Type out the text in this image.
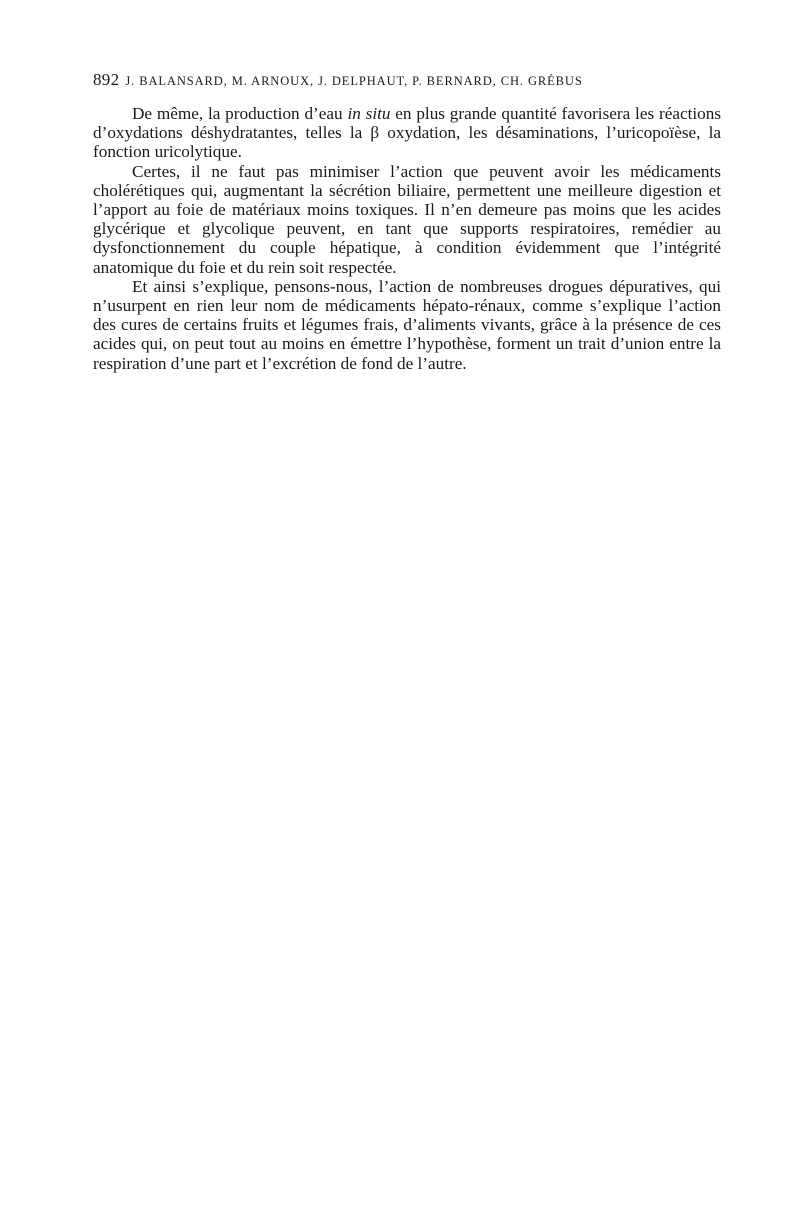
892 J. BALANSARD, M. ARNOUX, J. DELPHAUT, P. BERNARD, CH. GRÉBUS

De même, la production d’eau in situ en plus grande quantité favorisera les réactions d’oxydations déshydratantes, telles la β oxydation, les désaminations, l’uricopoïèse, la fonction uricolytique.

Certes, il ne faut pas minimiser l’action que peuvent avoir les médicaments cholérétiques qui, augmentant la sécrétion biliaire, permettent une meilleure digestion et l’apport au foie de matériaux moins toxiques. Il n’en demeure pas moins que les acides glycérique et glycolique peuvent, en tant que supports respiratoires, remédier au dysfonctionnement du couple hépatique, à condition évidemment que l’intégrité anatomique du foie et du rein soit respectée.

Et ainsi s’explique, pensons-nous, l’action de nombreuses drogues dépuratives, qui n’usurpent en rien leur nom de médicaments hépato-rénaux, comme s’explique l’action des cures de certains fruits et légumes frais, d’aliments vivants, grâce à la présence de ces acides qui, on peut tout au moins en émettre l’hypothèse, forment un trait d’union entre la respiration d’une part et l’excrétion de fond de l’autre.
